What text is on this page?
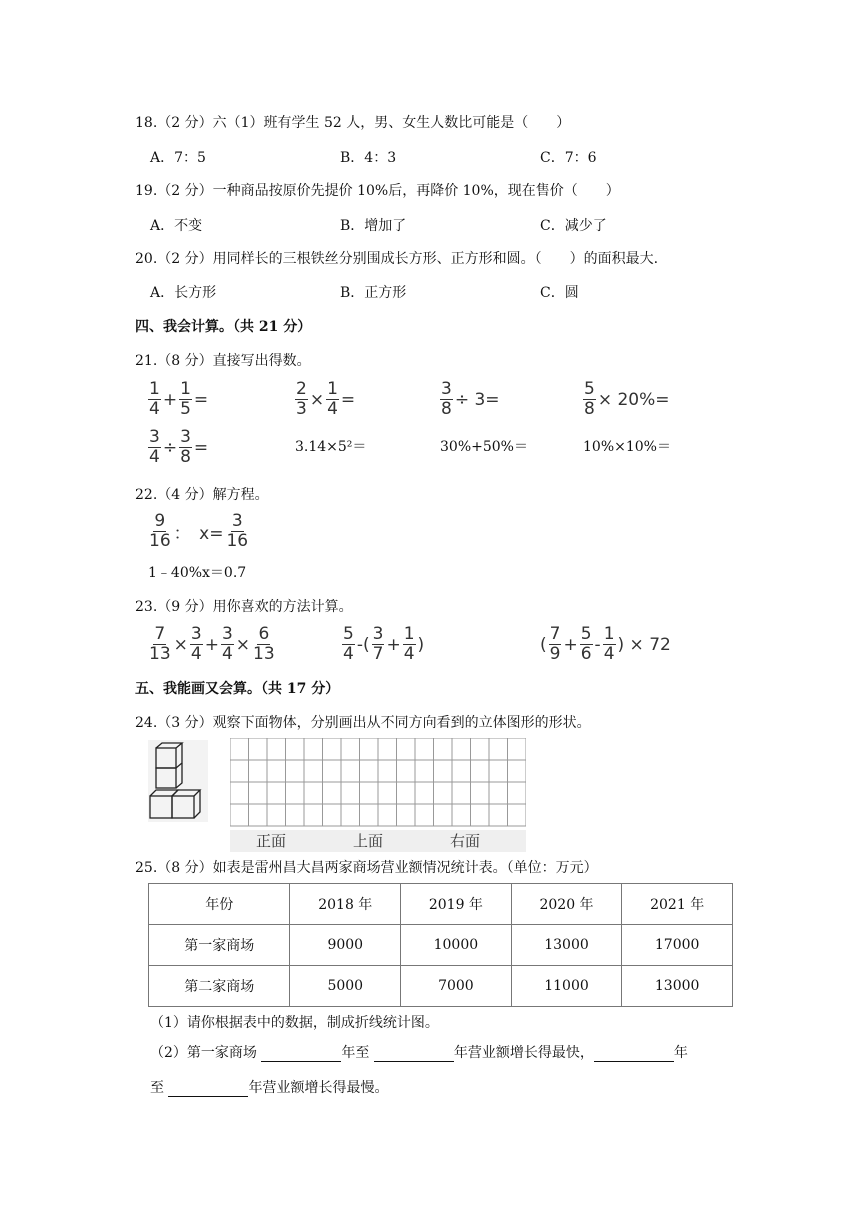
18.（2 分）六（1）班有学生 52 人，男、女生人数比可能是（　　）
A．7：5	B．4：3	C．7：6
19.（2 分）一种商品按原价先提价 10%后，再降价 10%，现在售价（　　）
A．不变	B．增加了	C．减少了
20.（2 分）用同样长的三根铁丝分别围成长方形、正方形和圆。（　　）的面积最大.
A．长方形	B．正方形	C．圆
四、我会计算。（共 21 分）
21.（8 分）直接写出得数。
$\frac{1}{4} + \frac{1}{5}$ =	$\frac{2}{3} \times \frac{1}{4}$ =	$\frac{3}{8} \div 3=$	$\frac{5}{8} \times 20\%=$
$\frac{3}{4} \div \frac{3}{8}$ =	3.14×5²＝	30%+50%＝	10%×10%＝
22.（4 分）解方程。
$\frac{9}{16}$ ：　$x= \frac{3}{16}$
1﹣40%x＝0.7
23.（9 分）用你喜欢的方法计算。
$\frac{7}{13} \times \frac{3}{4} + \frac{3}{4} \times \frac{6}{13}$	$\frac{5}{4}$ -( $\frac{3}{7} + \frac{1}{4}$ )	( $\frac{7}{9} + \frac{5}{6} - \frac{1}{4}$ ) × 72
五、我能画又会算。（共 17 分）
24.（3 分）观察下面物体，分别画出从不同方向看到的立体图形的形状。
正面	上面	右面
25.（8 分）如表是雷州昌大昌两家商场营业额情况统计表。（单位：万元）
年份	2018 年	2019 年	2020 年	2021 年
第一家商场	9000	10000	13000	17000
第二家商场	5000	7000	11000	13000
（1）请你根据表中的数据，制成折线统计图。
（2）第一家商场	年至	年营业额增长得最快，	年
至	年营业额增长得最慢。
